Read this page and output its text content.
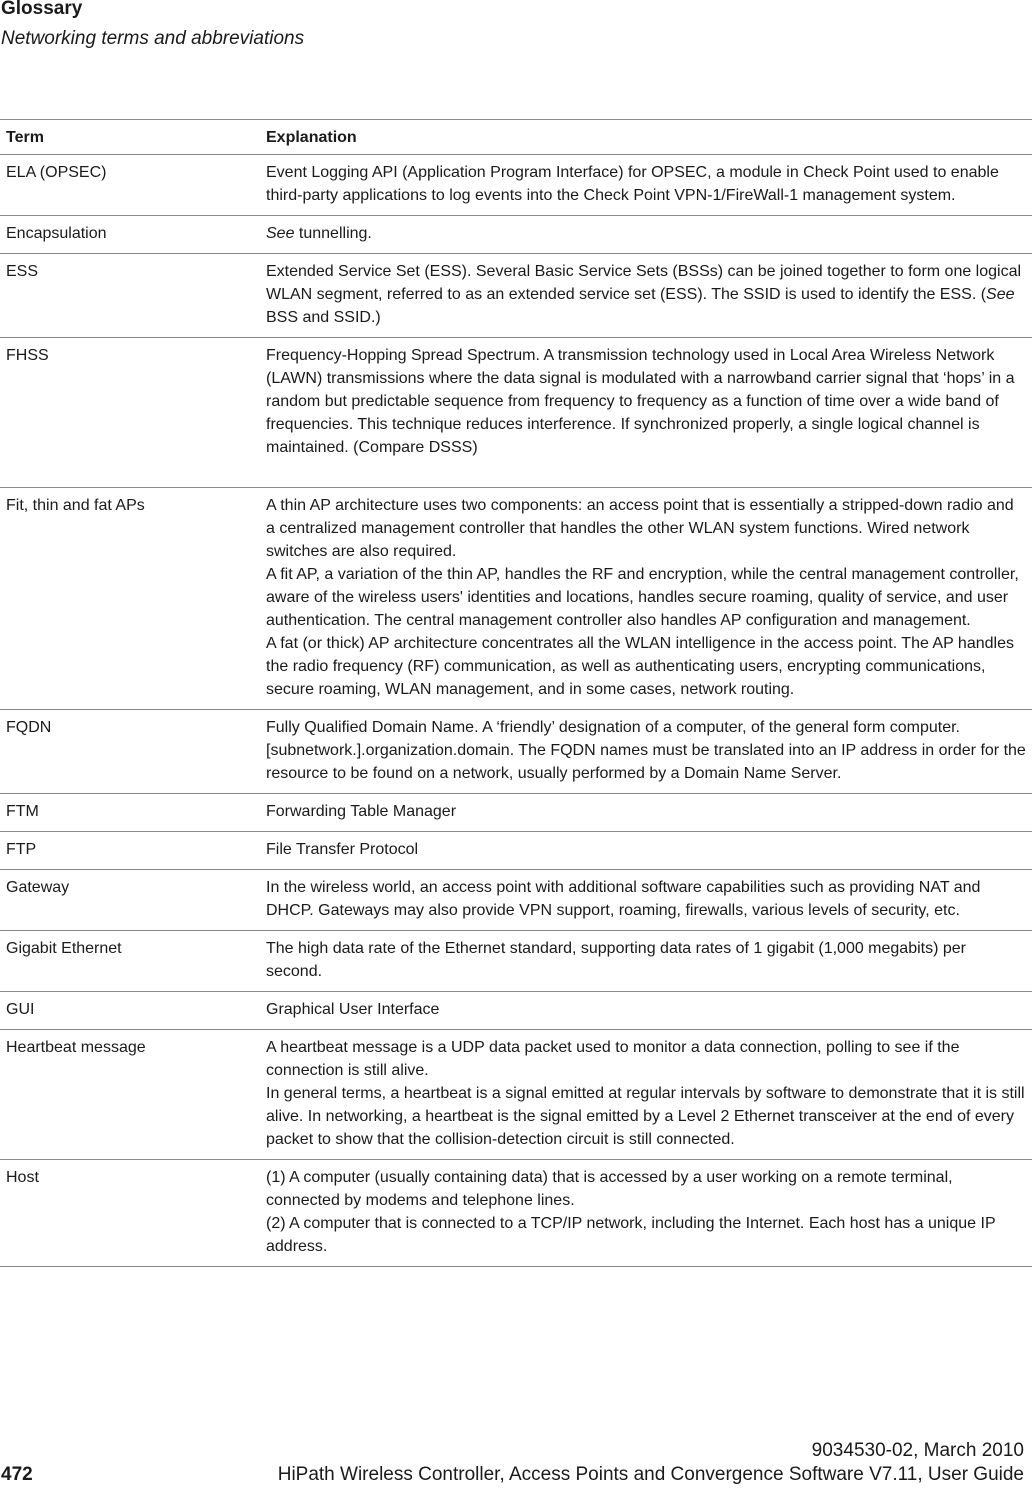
Glossary
Networking terms and abbreviations
Term	Explanation
ELA (OPSEC)	Event Logging API (Application Program Interface) for OPSEC, a module in Check Point used to enable third-party applications to log events into the Check Point VPN-1/FireWall-1 management system.

Encapsulation	See tunnelling.
ESS	Extended Service Set (ESS). Several Basic Service Sets (BSSs) can be joined together to form one logical WLAN segment, referred to as an extended service set (ESS). The SSID is used to identify the ESS. (See BSS and SSID.)
FHSS	Frequency-Hopping Spread Spectrum. A transmission technology used in Local Area Wireless Network (LAWN) transmissions where the data signal is modulated with a narrowband carrier signal that ‘hops’ in a random but predictable sequence from frequency to frequency as a function of time over a wide band of frequencies. This technique reduces interference. If synchronized properly, a single logical channel is maintained. (Compare DSSS)

Fit, thin and fat APs	A thin AP architecture uses two components: an access point that is essentially a stripped-down radio and a centralized management controller that handles the other WLAN system functions. Wired network switches are also required.
A fit AP, a variation of the thin AP, handles the RF and encryption, while the central management controller, aware of the wireless users' identities and locations, handles secure roaming, quality of service, and user authentication. The central management controller also handles AP configuration and management.
A fat (or thick) AP architecture concentrates all the WLAN intelligence in the access point. The AP handles the radio frequency (RF) communication, as well as authenticating users, encrypting communications, secure roaming, WLAN management, and in some cases, network routing.

FQDN	Fully Qualified Domain Name. A ‘friendly’ designation of a computer, of the general form computer.[subnetwork.].organization.domain. The FQDN names must be translated into an IP address in order for the resource to be found on a network, usually performed by a Domain Name Server.

FTM	Forwarding Table Manager

FTP	File Transfer Protocol

Gateway	In the wireless world, an access point with additional software capabilities such as providing NAT and DHCP. Gateways may also provide VPN support, roaming, firewalls, various levels of security, etc.

Gigabit Ethernet	The high data rate of the Ethernet standard, supporting data rates of 1 gigabit (1,000 megabits) per second.

GUI	Graphical User Interface

Heartbeat message	A heartbeat message is a UDP data packet used to monitor a data connection, polling to see if the connection is still alive.
In general terms, a heartbeat is a signal emitted at regular intervals by software to demonstrate that it is still alive. In networking, a heartbeat is the signal emitted by a Level 2 Ethernet transceiver at the end of every packet to show that the collision-detection circuit is still connected.

Host	(1) A computer (usually containing data) that is accessed by a user working on a remote terminal, connected by modems and telephone lines.
(2) A computer that is connected to a TCP/IP network, including the Internet. Each host has a unique IP address.
9034530-02, March 2010
472	HiPath Wireless Controller, Access Points and Convergence Software V7.11, User Guide
